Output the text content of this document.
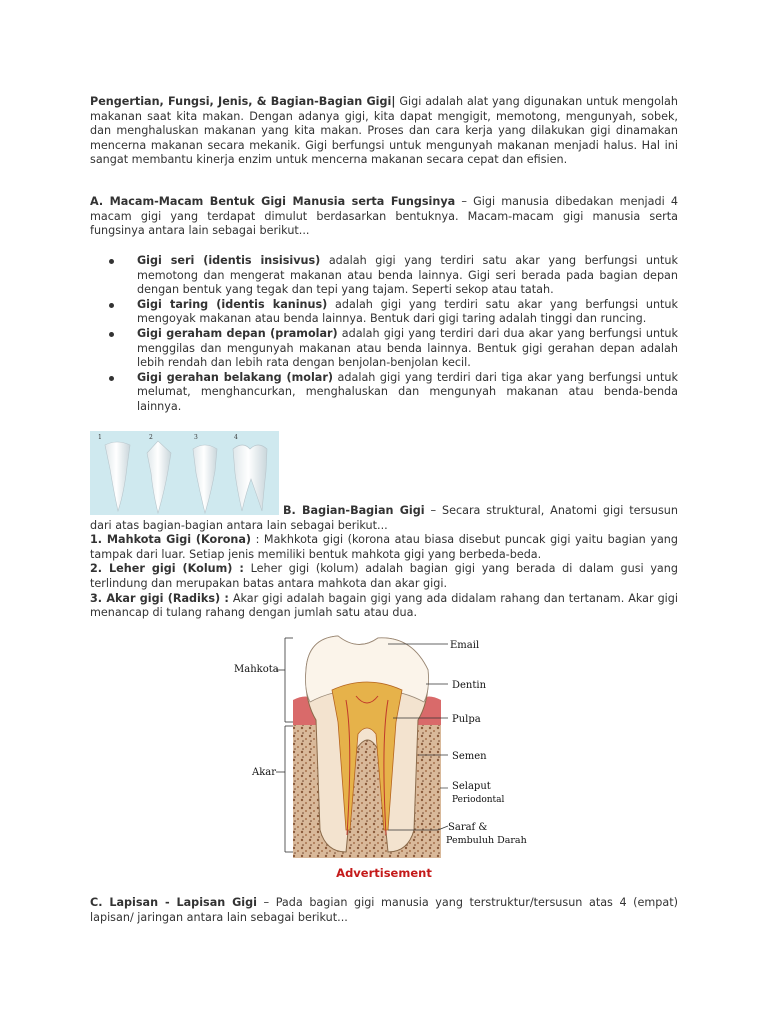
Pengertian, Fungsi, Jenis, & Bagian-Bagian Gigi| Gigi adalah alat yang digunakan untuk mengolah makanan saat kita makan. Dengan adanya gigi, kita dapat mengigit, memotong, mengunyah, sobek, dan menghaluskan makanan yang kita makan. Proses dan cara kerja yang dilakukan gigi dinamakan mencerna makanan secara mekanik. Gigi berfungsi untuk mengunyah makanan menjadi halus. Hal ini sangat membantu kinerja enzim untuk mencerna makanan secara cepat dan efisien.

A. Macam-Macam Bentuk Gigi Manusia serta Fungsinya – Gigi manusia dibedakan menjadi 4 macam gigi yang terdapat dimulut berdasarkan bentuknya. Macam-macam gigi manusia serta fungsinya antara lain sebagai berikut...

Gigi seri (identis insisivus) adalah gigi yang terdiri satu akar yang berfungsi untuk memotong dan mengerat makanan atau benda lainnya. Gigi seri berada pada bagian depan dengan bentuk yang tegak dan tepi yang tajam. Seperti sekop atau tatah.
Gigi taring (identis kaninus) adalah gigi yang terdiri satu akar yang berfungsi untuk mengoyak makanan atau benda lainnya. Bentuk dari gigi taring adalah tinggi dan runcing.
Gigi geraham depan (pramolar) adalah gigi yang terdiri dari dua akar yang berfungsi untuk menggilas dan mengunyah makanan atau benda lainnya. Bentuk gigi gerahan depan adalah lebih rendah dan lebih rata dengan benjolan-benjolan kecil.
Gigi gerahan belakang (molar) adalah gigi yang terdiri dari tiga akar yang berfungsi untuk melumat, menghancurkan, menghaluskan dan mengunyah makanan atau benda-benda lainnya.
1	2	3	4

B. Bagian-Bagian Gigi – Secara struktural, Anatomi gigi tersusun dari atas bagian-bagian antara lain sebagai berikut...

1. Mahkota Gigi (Korona) : Makhkota gigi (korona atau biasa disebut puncak gigi yaitu bagian yang tampak dari luar. Setiap jenis memiliki bentuk mahkota gigi yang berbeda-beda.

2. Leher gigi (Kolum) : Leher gigi (kolum) adalah bagian gigi yang berada di dalam gusi yang terlindung dan merupakan batas antara mahkota dan akar gigi.

3. Akar gigi (Radiks) : Akar gigi adalah bagain gigi yang ada didalam rahang dan tertanam. Akar gigi menancap di tulang rahang dengan jumlah satu atau dua.

Mahkota
Akar
Email
Dentin
Pulpa
Semen
Selaput
Periodontal
Saraf &
Pembuluh Darah
Advertisement

C. Lapisan - Lapisan Gigi – Pada bagian gigi manusia yang terstruktur/tersusun atas 4 (empat) lapisan/ jaringan antara lain sebagai berikut...
